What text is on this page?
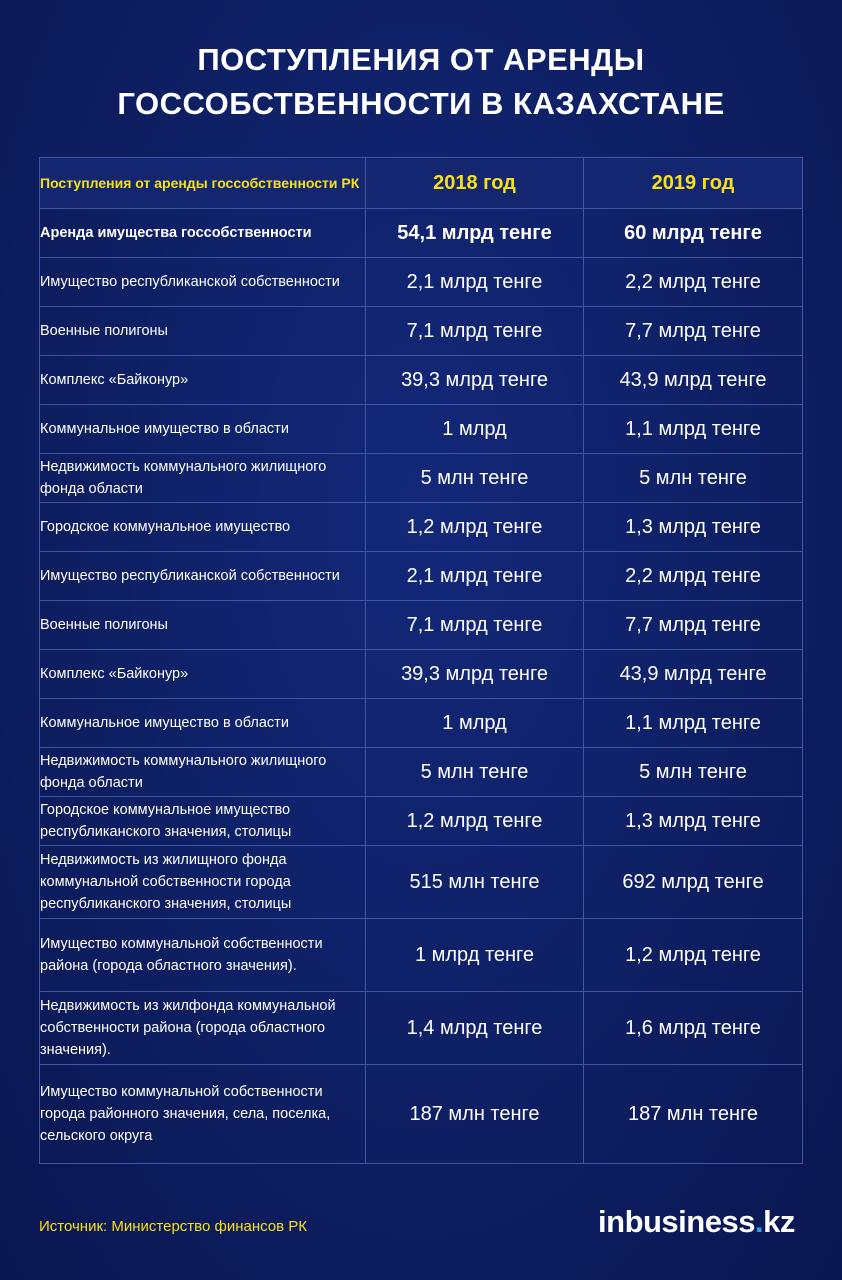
ПОСТУПЛЕНИЯ ОТ АРЕНДЫ
ГОССОБСТВЕННОСТИ В КАЗАХСТАНЕ
Поступления от аренды госсобственности РК	2018 год	2019 год
Аренда имущества госсобственности	54,1 млрд тенге	60 млрд тенге
Имущество республиканской собственности	2,1 млрд тенге	2,2 млрд тенге
Военные полигоны	7,1 млрд тенге	7,7 млрд тенге
Комплекс «Байконур»	39,3 млрд тенге	43,9 млрд тенге
Коммунальное имущество в области	1 млрд	1,1 млрд тенге
Недвижимость коммунального жилищного фонда области	5 млн тенге	5 млн тенге
Городское коммунальное имущество	1,2 млрд тенге	1,3 млрд тенге
Имущество республиканской собственности	2,1 млрд тенге	2,2 млрд тенге
Военные полигоны	7,1 млрд тенге	7,7 млрд тенге
Комплекс «Байконур»	39,3 млрд тенге	43,9 млрд тенге
Коммунальное имущество в области	1 млрд	1,1 млрд тенге
Недвижимость коммунального жилищного фонда области	5 млн тенге	5 млн тенге
Городское коммунальное имущество республиканского значения, столицы	1,2 млрд тенге	1,3 млрд тенге
Недвижимость из жилищного фонда коммунальной собственности города республиканского значения, столицы	515 млн тенге	692 млрд тенге
Имущество коммунальной собственности района (города областного значения).	1 млрд тенге	1,2 млрд тенге
Недвижимость из жилфонда коммунальной собственности района (города областного значения).	1,4 млрд тенге	1,6 млрд тенге
Имущество коммунальной собственности города районного значения, села, поселка, сельского округа	187 млн тенге	187 млн тенге
Источник: Министерство финансов РК	inbusiness.kz
